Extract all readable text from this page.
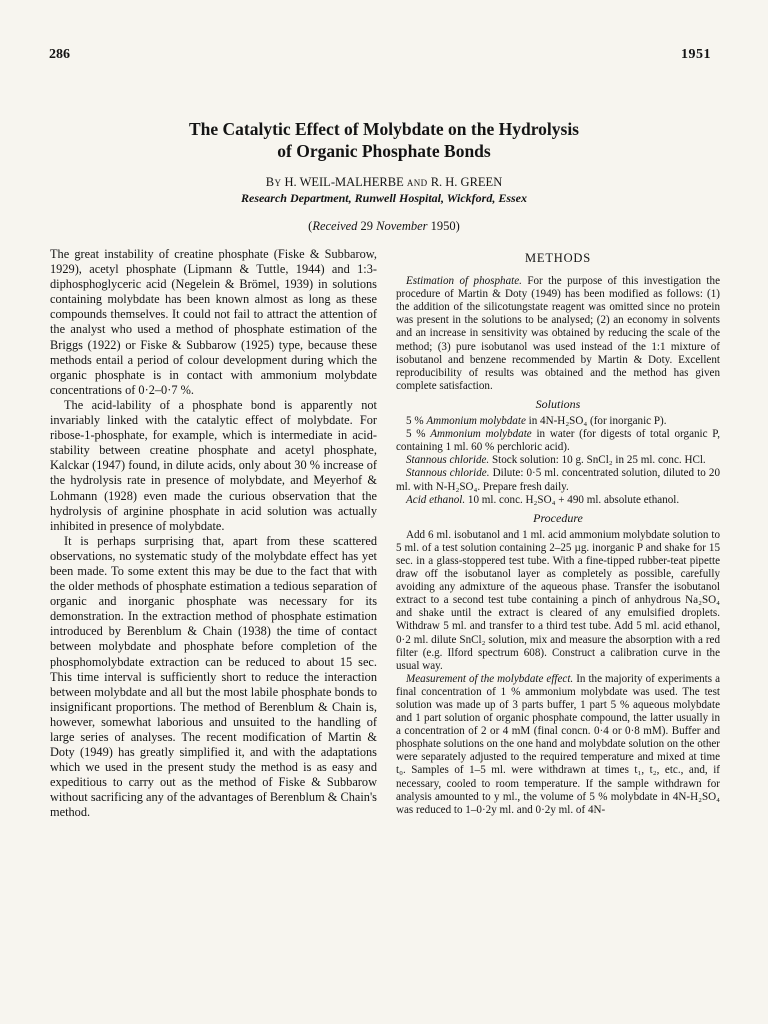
286	1951
The Catalytic Effect of Molybdate on the Hydrolysis
of Organic Phosphate Bonds
By H. WEIL-MALHERBE and R. H. GREEN
Research Department, Runwell Hospital, Wickford, Essex
(Received 29 November 1950)

The great instability of creatine phosphate (Fiske & Subbarow, 1929), acetyl phosphate (Lipmann & Tuttle, 1944) and 1:3-diphosphoglyceric acid (Negelein & Brömel, 1939) in solutions containing molybdate has been known almost as long as these compounds themselves. It could not fail to attract the attention of the analyst who used a method of phosphate estimation of the Briggs (1922) or Fiske & Subbarow (1925) type, because these methods entail a period of colour development during which the organic phosphate is in contact with ammonium molybdate concentrations of 0·2–0·7 %.

The acid-lability of a phosphate bond is apparently not invariably linked with the catalytic effect of molybdate. For ribose-1-phosphate, for example, which is intermediate in acid-stability between creatine phosphate and acetyl phosphate, Kalckar (1947) found, in dilute acids, only about 30 % increase of the hydrolysis rate in presence of molybdate, and Meyerhof & Lohmann (1928) even made the curious observation that the hydrolysis of arginine phosphate in acid solution was actually inhibited in presence of molybdate.

It is perhaps surprising that, apart from these scattered observations, no systematic study of the molybdate effect has yet been made. To some extent this may be due to the fact that with the older methods of phosphate estimation a tedious separation of organic and inorganic phosphate was necessary for its demonstration. In the extraction method of phosphate estimation introduced by Berenblum & Chain (1938) the time of contact between molybdate and phosphate before completion of the phosphomolybdate extraction can be reduced to about 15 sec. This time interval is sufficiently short to reduce the interaction between molybdate and all but the most labile phosphate bonds to insignificant proportions. The method of Berenblum & Chain is, however, somewhat laborious and unsuited to the handling of large series of analyses. The recent modification of Martin & Doty (1949) has greatly simplified it, and with the adaptations which we used in the present study the method is as easy and expeditious to carry out as the method of Fiske & Subbarow without sacrificing any of the advantages of Berenblum & Chain's method.

METHODS

Estimation of phosphate. For the purpose of this investigation the procedure of Martin & Doty (1949) has been modified as follows: (1) the addition of the silicotungstate reagent was omitted since no protein was present in the solutions to be analysed; (2) an economy in solvents and an increase in sensitivity was obtained by reducing the scale of the method; (3) pure isobutanol was used instead of the 1:1 mixture of isobutanol and benzene recommended by Martin & Doty. Excellent reproducibility of results was obtained and the method has given complete satisfaction.

Solutions

5 % Ammonium molybdate in 4N-H₂SO₄ (for inorganic P).

5 % Ammonium molybdate in water (for digests of total organic P, containing 1 ml. 60 % perchloric acid).

Stannous chloride. Stock solution: 10 g. SnCl₂ in 25 ml. conc. HCl.

Stannous chloride. Dilute: 0·5 ml. concentrated solution, diluted to 20 ml. with N-H₂SO₄. Prepare fresh daily.

Acid ethanol. 10 ml. conc. H₂SO₄ + 490 ml. absolute ethanol.

Procedure

Add 6 ml. isobutanol and 1 ml. acid ammonium molybdate solution to 5 ml. of a test solution containing 2–25 µg. inorganic P and shake for 15 sec. in a glass-stoppered test tube. With a fine-tipped rubber-teat pipette draw off the isobutanol layer as completely as possible, carefully avoiding any admixture of the aqueous phase. Transfer the isobutanol extract to a second test tube containing a pinch of anhydrous Na₂SO₄ and shake until the extract is cleared of any emulsified droplets. Withdraw 5 ml. and transfer to a third test tube. Add 5 ml. acid ethanol, 0·2 ml. dilute SnCl₂ solution, mix and measure the absorption with a red filter (e.g. Ilford spectrum 608). Construct a calibration curve in the usual way.

Measurement of the molybdate effect. In the majority of experiments a final concentration of 1 % ammonium molybdate was used. The test solution was made up of 3 parts buffer, 1 part 5 % aqueous molybdate and 1 part solution of organic phosphate compound, the latter usually in a concentration of 2 or 4 mM (final concn. 0·4 or 0·8 mM). Buffer and phosphate solutions on the one hand and molybdate solution on the other were separately adjusted to the required temperature and mixed at time t₀. Samples of 1–5 ml. were withdrawn at times t₁, t₂, etc., and, if necessary, cooled to room temperature. If the sample withdrawn for analysis amounted to y ml., the volume of 5 % molybdate in 4N-H₂SO₄ was reduced to 1–0·2y ml. and 0·2y ml. of 4N-
